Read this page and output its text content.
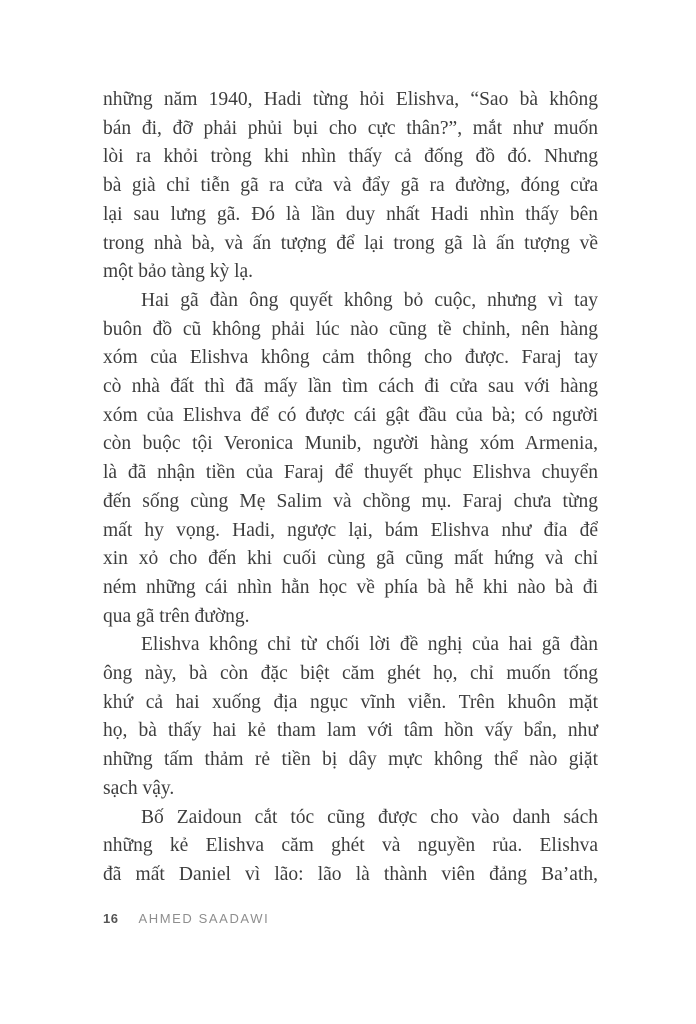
những năm 1940, Hadi từng hỏi Elishva, “Sao bà không
bán đi, đỡ phải phủi bụi cho cực thân?”, mắt như muốn
lòi ra khỏi tròng khi nhìn thấy cả đống đồ đó. Nhưng
bà già chỉ tiễn gã ra cửa và đẩy gã ra đường, đóng cửa
lại sau lưng gã. Đó là lần duy nhất Hadi nhìn thấy bên
trong nhà bà, và ấn tượng để lại trong gã là ấn tượng về
một bảo tàng kỳ lạ.
Hai gã đàn ông quyết không bỏ cuộc, nhưng vì tay
buôn đồ cũ không phải lúc nào cũng tề chỉnh, nên hàng
xóm của Elishva không cảm thông cho được. Faraj tay
cò nhà đất thì đã mấy lần tìm cách đi cửa sau với hàng
xóm của Elishva để có được cái gật đầu của bà; có người
còn buộc tội Veronica Munib, người hàng xóm Armenia,
là đã nhận tiền của Faraj để thuyết phục Elishva chuyển
đến sống cùng Mẹ Salim và chồng mụ. Faraj chưa từng
mất hy vọng. Hadi, ngược lại, bám Elishva như đỉa để
xin xỏ cho đến khi cuối cùng gã cũng mất hứng và chỉ
ném những cái nhìn hằn học về phía bà hễ khi nào bà đi
qua gã trên đường.
Elishva không chỉ từ chối lời đề nghị của hai gã đàn
ông này, bà còn đặc biệt căm ghét họ, chỉ muốn tống
khứ cả hai xuống địa ngục vĩnh viễn. Trên khuôn mặt
họ, bà thấy hai kẻ tham lam với tâm hồn vấy bẩn, như
những tấm thảm rẻ tiền bị dây mực không thể nào giặt
sạch vậy.
Bố Zaidoun cắt tóc cũng được cho vào danh sách
những kẻ Elishva căm ghét và nguyền rủa. Elishva
đã mất Daniel vì lão: lão là thành viên đảng Ba’ath,
16 AHMED SAADAWI
